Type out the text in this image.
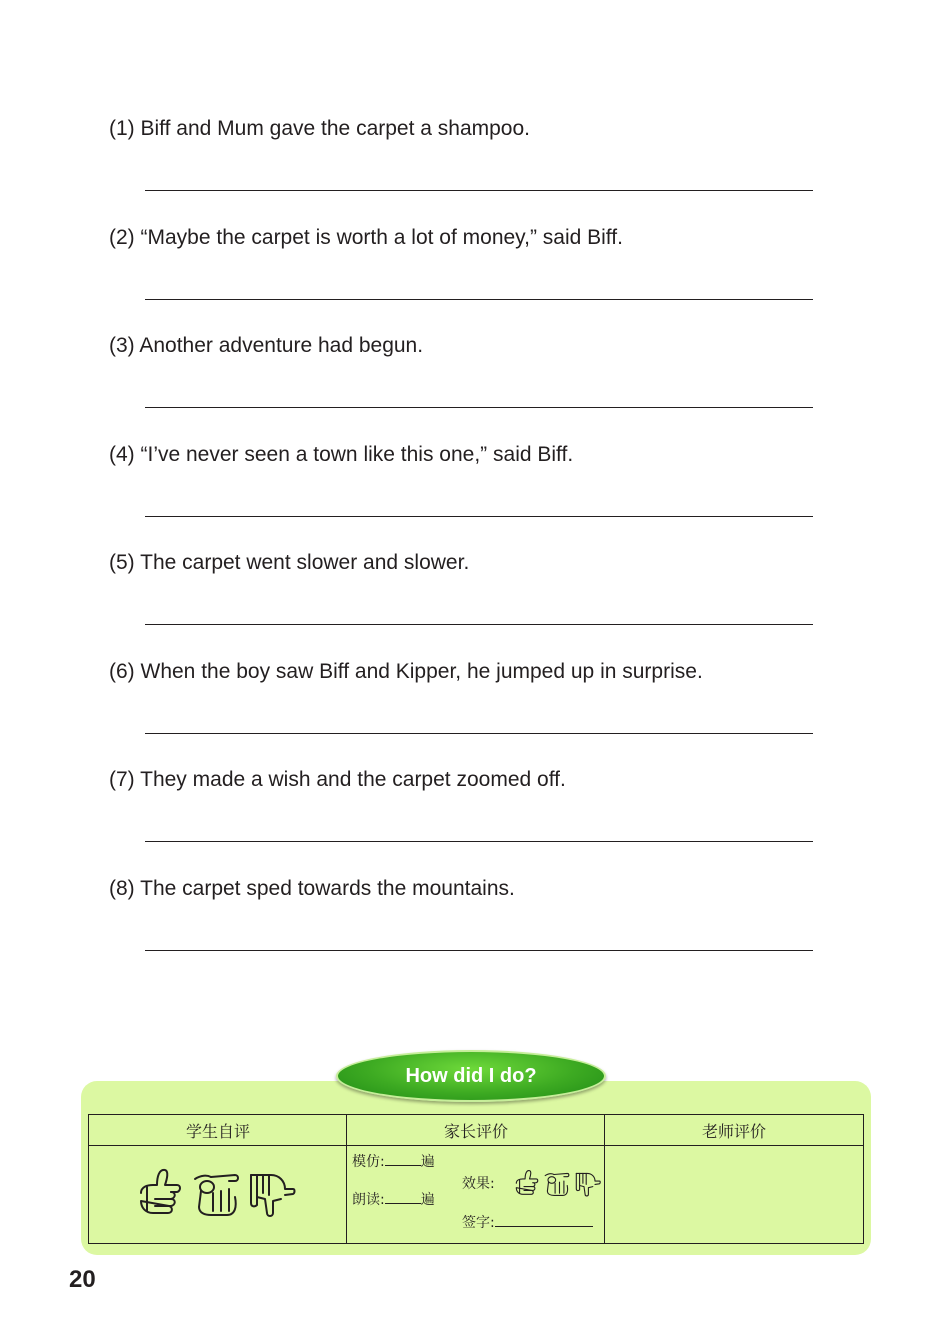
(1) Biff and Mum gave the carpet a shampoo.
(2) “Maybe the carpet is worth a lot of money,” said Biff.
(3) Another adventure had begun.
(4) “I’ve never seen a town like this one,” said Biff.
(5) The carpet went slower and slower.
(6) When the boy saw Biff and Kipper, he jumped up in surprise.
(7) They made a wish and the carpet zoomed off.
(8) The carpet sped towards the mountains.
学生自评	家长评价	老师评价
模仿:	遍
朗读:	遍
效果:
签字:
How did I do?
20
